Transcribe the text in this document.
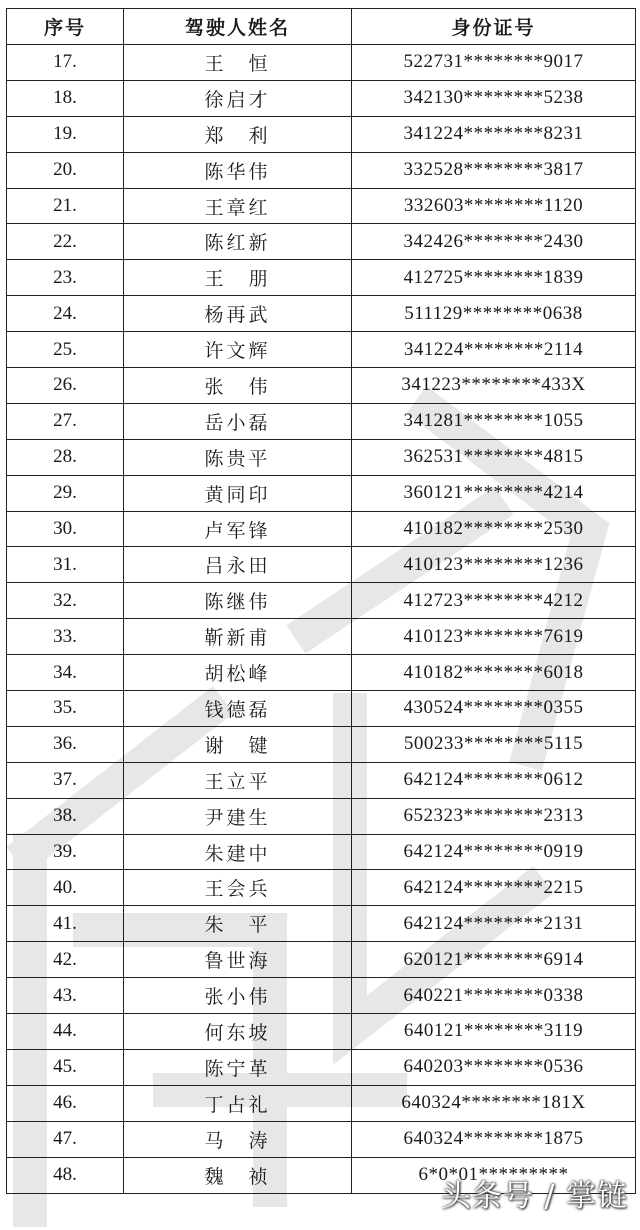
序号	驾驶人姓名	身份证号
17.	王　恒	522731********9017
18.	徐启才	342130********5238
19.	郑　利	341224********8231
20.	陈华伟	332528********3817
21.	王章红	332603********1120
22.	陈红新	342426********2430
23.	王　朋	412725********1839
24.	杨再武	511129********0638
25.	许文辉	341224********2114
26.	张　伟	341223********433X
27.	岳小磊	341281********1055
28.	陈贵平	362531********4815
29.	黄同印	360121********4214
30.	卢军锋	410182********2530
31.	吕永田	410123********1236
32.	陈继伟	412723********4212
33.	靳新甫	410123********7619
34.	胡松峰	410182********6018
35.	钱德磊	430524********0355
36.	谢　键	500233********5115
37.	王立平	642124********0612
38.	尹建生	652323********2313
39.	朱建中	642124********0919
40.	王会兵	642124********2215
41.	朱　平	642124********2131
42.	鲁世海	620121********6914
43.	张小伟	640221********0338
44.	何东坡	640121********3119
45.	陈宁革	640203********0536
46.	丁占礼	640324********181X
47.	马　涛	640324********1875
48.	魏　祯	6*0*01*********
头条号 / 掌链
